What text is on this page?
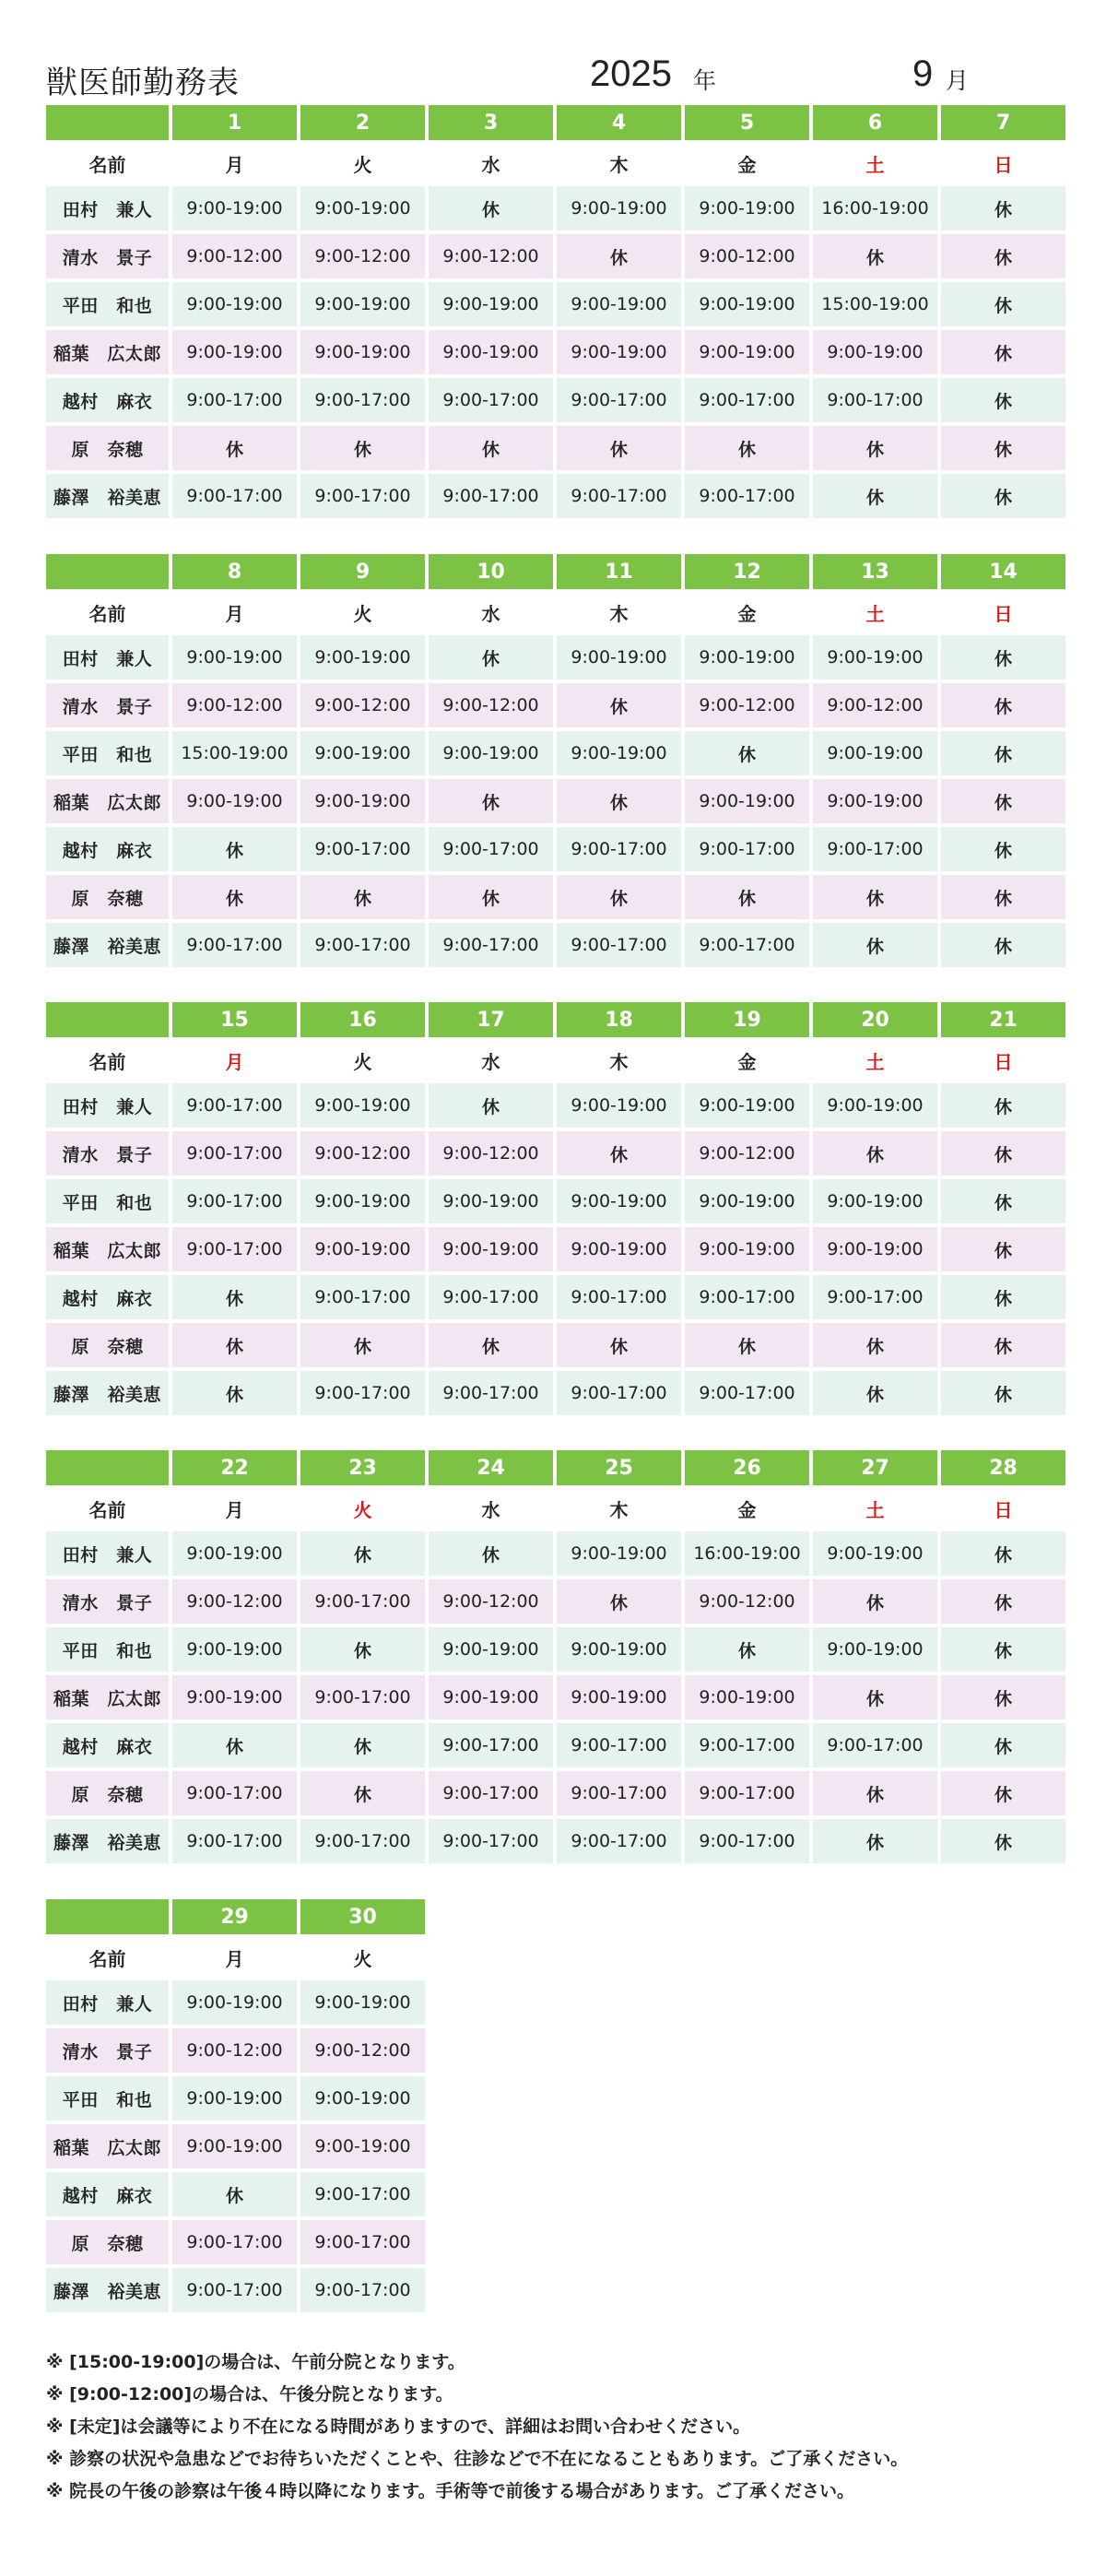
獣医師勤務表	2025 年	9 月
	1	2	3	4	5	6	7
名前	月	火	水	木	金	土	日
田村　兼人	9:00-19:00	9:00-19:00	休	9:00-19:00	9:00-19:00	16:00-19:00	休
清水　景子	9:00-12:00	9:00-12:00	9:00-12:00	休	9:00-12:00	休	休
平田　和也	9:00-19:00	9:00-19:00	9:00-19:00	9:00-19:00	9:00-19:00	15:00-19:00	休
稲葉　広太郎	9:00-19:00	9:00-19:00	9:00-19:00	9:00-19:00	9:00-19:00	9:00-19:00	休
越村　麻衣	9:00-17:00	9:00-17:00	9:00-17:00	9:00-17:00	9:00-17:00	9:00-17:00	休
原　奈穂	休	休	休	休	休	休	休
藤澤　裕美恵	9:00-17:00	9:00-17:00	9:00-17:00	9:00-17:00	9:00-17:00	休	休
	8	9	10	11	12	13	14
名前	月	火	水	木	金	土	日
田村　兼人	9:00-19:00	9:00-19:00	休	9:00-19:00	9:00-19:00	9:00-19:00	休
清水　景子	9:00-12:00	9:00-12:00	9:00-12:00	休	9:00-12:00	9:00-12:00	休
平田　和也	15:00-19:00	9:00-19:00	9:00-19:00	9:00-19:00	休	9:00-19:00	休
稲葉　広太郎	9:00-19:00	9:00-19:00	休	休	9:00-19:00	9:00-19:00	休
越村　麻衣	休	9:00-17:00	9:00-17:00	9:00-17:00	9:00-17:00	9:00-17:00	休
原　奈穂	休	休	休	休	休	休	休
藤澤　裕美恵	9:00-17:00	9:00-17:00	9:00-17:00	9:00-17:00	9:00-17:00	休	休
	15	16	17	18	19	20	21
名前	月	火	水	木	金	土	日
田村　兼人	9:00-17:00	9:00-19:00	休	9:00-19:00	9:00-19:00	9:00-19:00	休
清水　景子	9:00-17:00	9:00-12:00	9:00-12:00	休	9:00-12:00	休	休
平田　和也	9:00-17:00	9:00-19:00	9:00-19:00	9:00-19:00	9:00-19:00	9:00-19:00	休
稲葉　広太郎	9:00-17:00	9:00-19:00	9:00-19:00	9:00-19:00	9:00-19:00	9:00-19:00	休
越村　麻衣	休	9:00-17:00	9:00-17:00	9:00-17:00	9:00-17:00	9:00-17:00	休
原　奈穂	休	休	休	休	休	休	休
藤澤　裕美恵	休	9:00-17:00	9:00-17:00	9:00-17:00	9:00-17:00	休	休
	22	23	24	25	26	27	28
名前	月	火	水	木	金	土	日
田村　兼人	9:00-19:00	休	休	9:00-19:00	16:00-19:00	9:00-19:00	休
清水　景子	9:00-12:00	9:00-17:00	9:00-12:00	休	9:00-12:00	休	休
平田　和也	9:00-19:00	休	9:00-19:00	9:00-19:00	休	9:00-19:00	休
稲葉　広太郎	9:00-19:00	9:00-17:00	9:00-19:00	9:00-19:00	9:00-19:00	休	休
越村　麻衣	休	休	9:00-17:00	9:00-17:00	9:00-17:00	9:00-17:00	休
原　奈穂	9:00-17:00	休	9:00-17:00	9:00-17:00	9:00-17:00	休	休
藤澤　裕美恵	9:00-17:00	9:00-17:00	9:00-17:00	9:00-17:00	9:00-17:00	休	休
	29	30
名前	月	火
田村　兼人	9:00-19:00	9:00-19:00
清水　景子	9:00-12:00	9:00-12:00
平田　和也	9:00-19:00	9:00-19:00
稲葉　広太郎	9:00-19:00	9:00-19:00
越村　麻衣	休	9:00-17:00
原　奈穂	9:00-17:00	9:00-17:00
藤澤　裕美恵	9:00-17:00	9:00-17:00
※ [15:00-19:00]の場合は、午前分院となります。
※ [9:00-12:00]の場合は、午後分院となります。
※ [未定]は会議等により不在になる時間がありますので、詳細はお問い合わせください。
※ 診察の状況や急患などでお待ちいただくことや、往診などで不在になることもあります。ご了承ください。
※ 院長の午後の診察は午後４時以降になります。手術等で前後する場合があります。ご了承ください。
